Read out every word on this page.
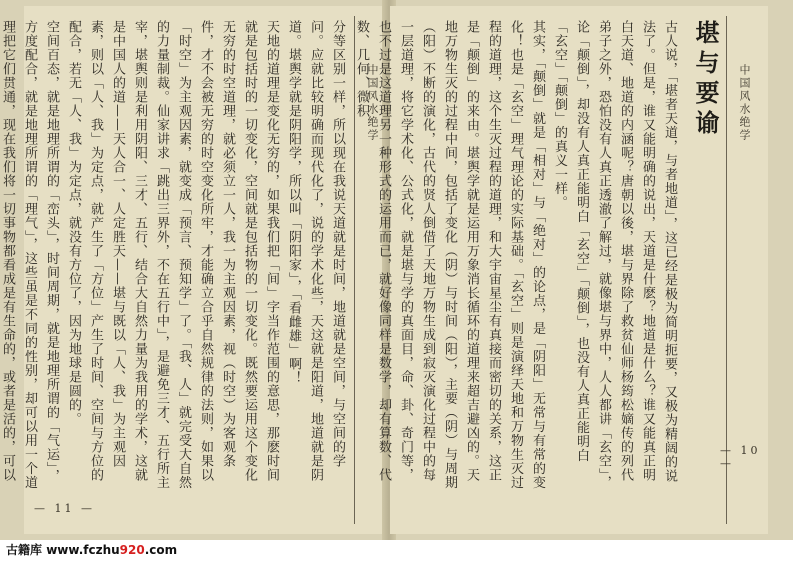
中国风水绝学

分等区别一样，所以现在我说天道就是时间，地道就是空间，与空间的学问。应就比较明确而现代化了，说的学术化些，天这就是阳道，地道就是阴道。堪舆学就是阴阳学，所以叫「阴阳家」，「看雌雄」啊！

天地的道理是变化无穷的，如果我们把「间」字当作范围的意思，那麽时间就是包括时的一切变化，空间就是包括物的一切变化。既然要运用这个变化无穷的时空道理，就必须立一人，我一为主观因素，视（时空）为客观条件，才不会被无穷的时空变化所牢，才能确立合乎自然规律的法则，如果以「时空」为主观因素，就变成「预言、预知学」了。「我、人」就完受大自然的力量制裁。仙家讲求「跳出三界外，不在五行中」，是避免三才、五行所主宰，堪舆则是利用阴阳、三才、五行、结合大自然力量为我用的学术，这就是中国人的道——天人合一、人定胜天——堪与既以「人、我」为主观因素，则以「人、我」为定点，就产生了「方位」产生了时间、空间与方位的配合，若无「人、我」为定点，就没有方位了，因为地球是圆的。

空间百态，就是地理所谓的「峦头」，时间周期，就是地理所谓的「气运」，方度配合，就是地理所谓的「理气」，这些虽是不同的性别，却可以用一个道理把它们贯通，现在我们将一切事物都看成是有生命的，或者是活的，可以

— 11 —
中国风水绝学
堪与要谕

古人说，「堪者天道，与者地道」，这已经是极为简明扼要，又极为精阔的说法了。但是，谁又能明确的说出，天道是什麽？地道是什么？谁又能真正明白天道、地道的内涵呢？唐朝以後，堪与界除了救贫仙师杨筠松嫡传的列代弟子之外，恐怕没有人真正透澈了解过，就像堪与界中，人人都讲「玄空」，论「颠倒」，却没有人真正能明白「玄空」「颠倒」，也没有人真正能明白「玄空」「颠倒」的真义一样。

其实，「颠倒」就是「相对」与「绝对」的论点，是「阴阳」无常与有常的变化！也是「玄空」理气理论的实际基础。「玄空」则是演绎天地和万物生灭过程的道理，这个生灭过程的道理，和大宇宙星尘有真接而密切的关系，这正是「颠倒」的来由。堪舆学就是运用万象消长循环的道理来超吉避凶的。天地万物生灭的过程中间，包括了变化（阴）与时间（阳），主要（阴）与周期（阳）不断的演化，古代的贤人倒借了天地万物生成到寂灭演化过程中的每一层道理，将它学术化、公式化，就是堪与学的真面目，命、卦、奇门等，也不过是这道理另一种形式的运用而已，就好像同样是数学，却有算数、代数、几何、微积

— 10 —
古籍库 www.fczhu920.com
